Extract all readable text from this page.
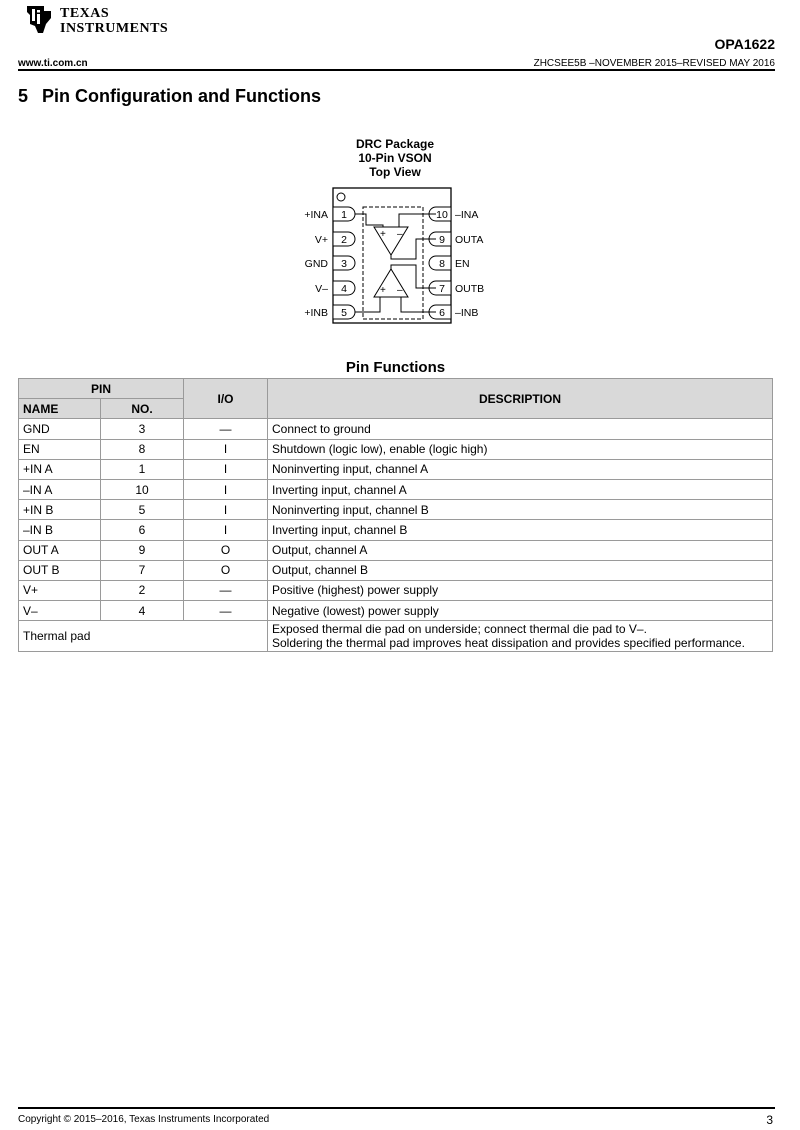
TEXAS
INSTRUMENTS
OPA1622
www.ti.com.cn	ZHCSEE5B –NOVEMBER 2015–REVISED MAY 2016
5 Pin Configuration and Functions
DRC Package
10-Pin VSON
Top View
1
+INA
2
V+
3
GND
4
V–
5
+INB
10 –INA
9 OUTA
8 EN
7 OUTB
6 –INB
+ –
+ –
Pin Functions
PIN		I/O	DESCRIPTION
NAME	NO.		
GND	3	—	Connect to ground
EN	8	I	Shutdown (logic low), enable (logic high)
+IN A	1	I	Noninverting input, channel A
–IN A	10	I	Inverting input, channel A
+IN B	5	I	Noninverting input, channel B
–IN B	6	I	Inverting input, channel B
OUT A	9	O	Output, channel A
OUT B	7	O	Output, channel B
V+	2	—	Positive (highest) power supply
V–	4	—	Negative (lowest) power supply
Thermal pad			Exposed thermal die pad on underside; connect thermal die pad to V–.
Soldering the thermal pad improves heat dissipation and provides specified performance.
Copyright © 2015–2016, Texas Instruments Incorporated	3
